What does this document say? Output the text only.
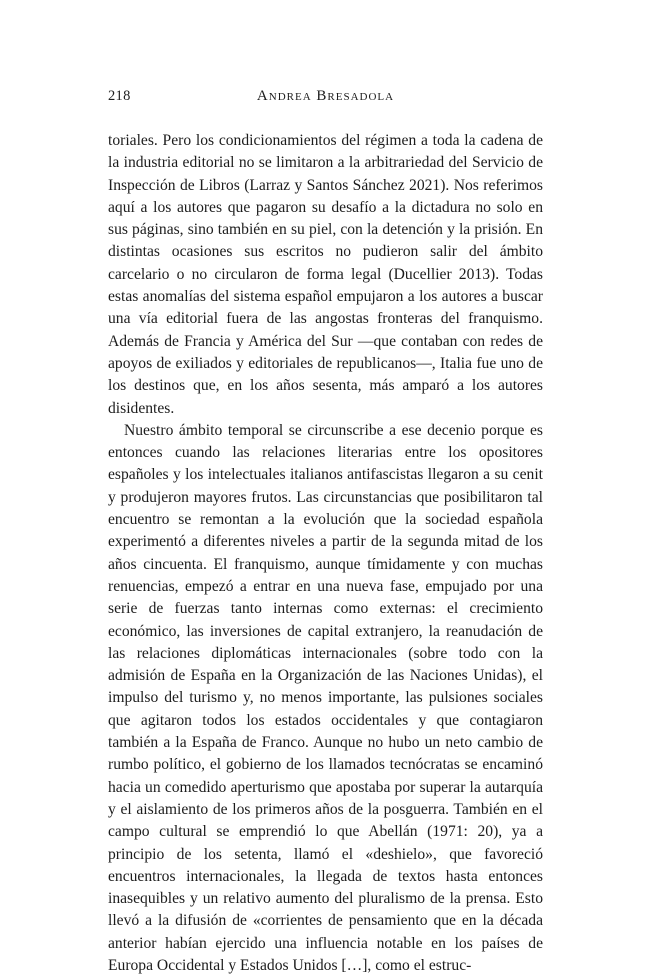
218	Andrea Bresadola

toriales. Pero los condicionamientos del régimen a toda la cadena de la industria editorial no se limitaron a la arbitrariedad del Servicio de Inspección de Libros (Larraz y Santos Sánchez 2021). Nos referimos aquí a los autores que pagaron su desafío a la dictadura no solo en sus páginas, sino también en su piel, con la detención y la prisión. En distintas ocasiones sus escritos no pudieron salir del ámbito carcelario o no circularon de forma legal (Ducellier 2013). Todas estas anomalías del sistema español empujaron a los autores a buscar una vía editorial fuera de las angostas fronteras del franquismo. Además de Francia y América del Sur —que contaban con redes de apoyos de exiliados y editoriales de republicanos—, Italia fue uno de los destinos que, en los años sesenta, más amparó a los autores disidentes.

Nuestro ámbito temporal se circunscribe a ese decenio porque es entonces cuando las relaciones literarias entre los opositores españoles y los intelectuales italianos antifascistas llegaron a su cenit y produjeron mayores frutos. Las circunstancias que posibilitaron tal encuentro se remontan a la evolución que la sociedad española experimentó a diferentes niveles a partir de la segunda mitad de los años cincuenta. El franquismo, aunque tímidamente y con muchas renuencias, empezó a entrar en una nueva fase, empujado por una serie de fuerzas tanto internas como externas: el crecimiento económico, las inversiones de capital extranjero, la reanudación de las relaciones diplomáticas internacionales (sobre todo con la admisión de España en la Organización de las Naciones Unidas), el impulso del turismo y, no menos importante, las pulsiones sociales que agitaron todos los estados occidentales y que contagiaron también a la España de Franco. Aunque no hubo un neto cambio de rumbo político, el gobierno de los llamados tecnócratas se encaminó hacia un comedido aperturismo que apostaba por superar la autarquía y el aislamiento de los primeros años de la posguerra. También en el campo cultural se emprendió lo que Abellán (1971: 20), ya a principio de los setenta, llamó el «deshielo», que favoreció encuentros internacionales, la llegada de textos hasta entonces inasequibles y un relativo aumento del pluralismo de la prensa. Esto llevó a la difusión de «corrientes de pensamiento que en la década anterior habían ejercido una influencia notable en los países de Europa Occidental y Estados Unidos […], como el estruc-
